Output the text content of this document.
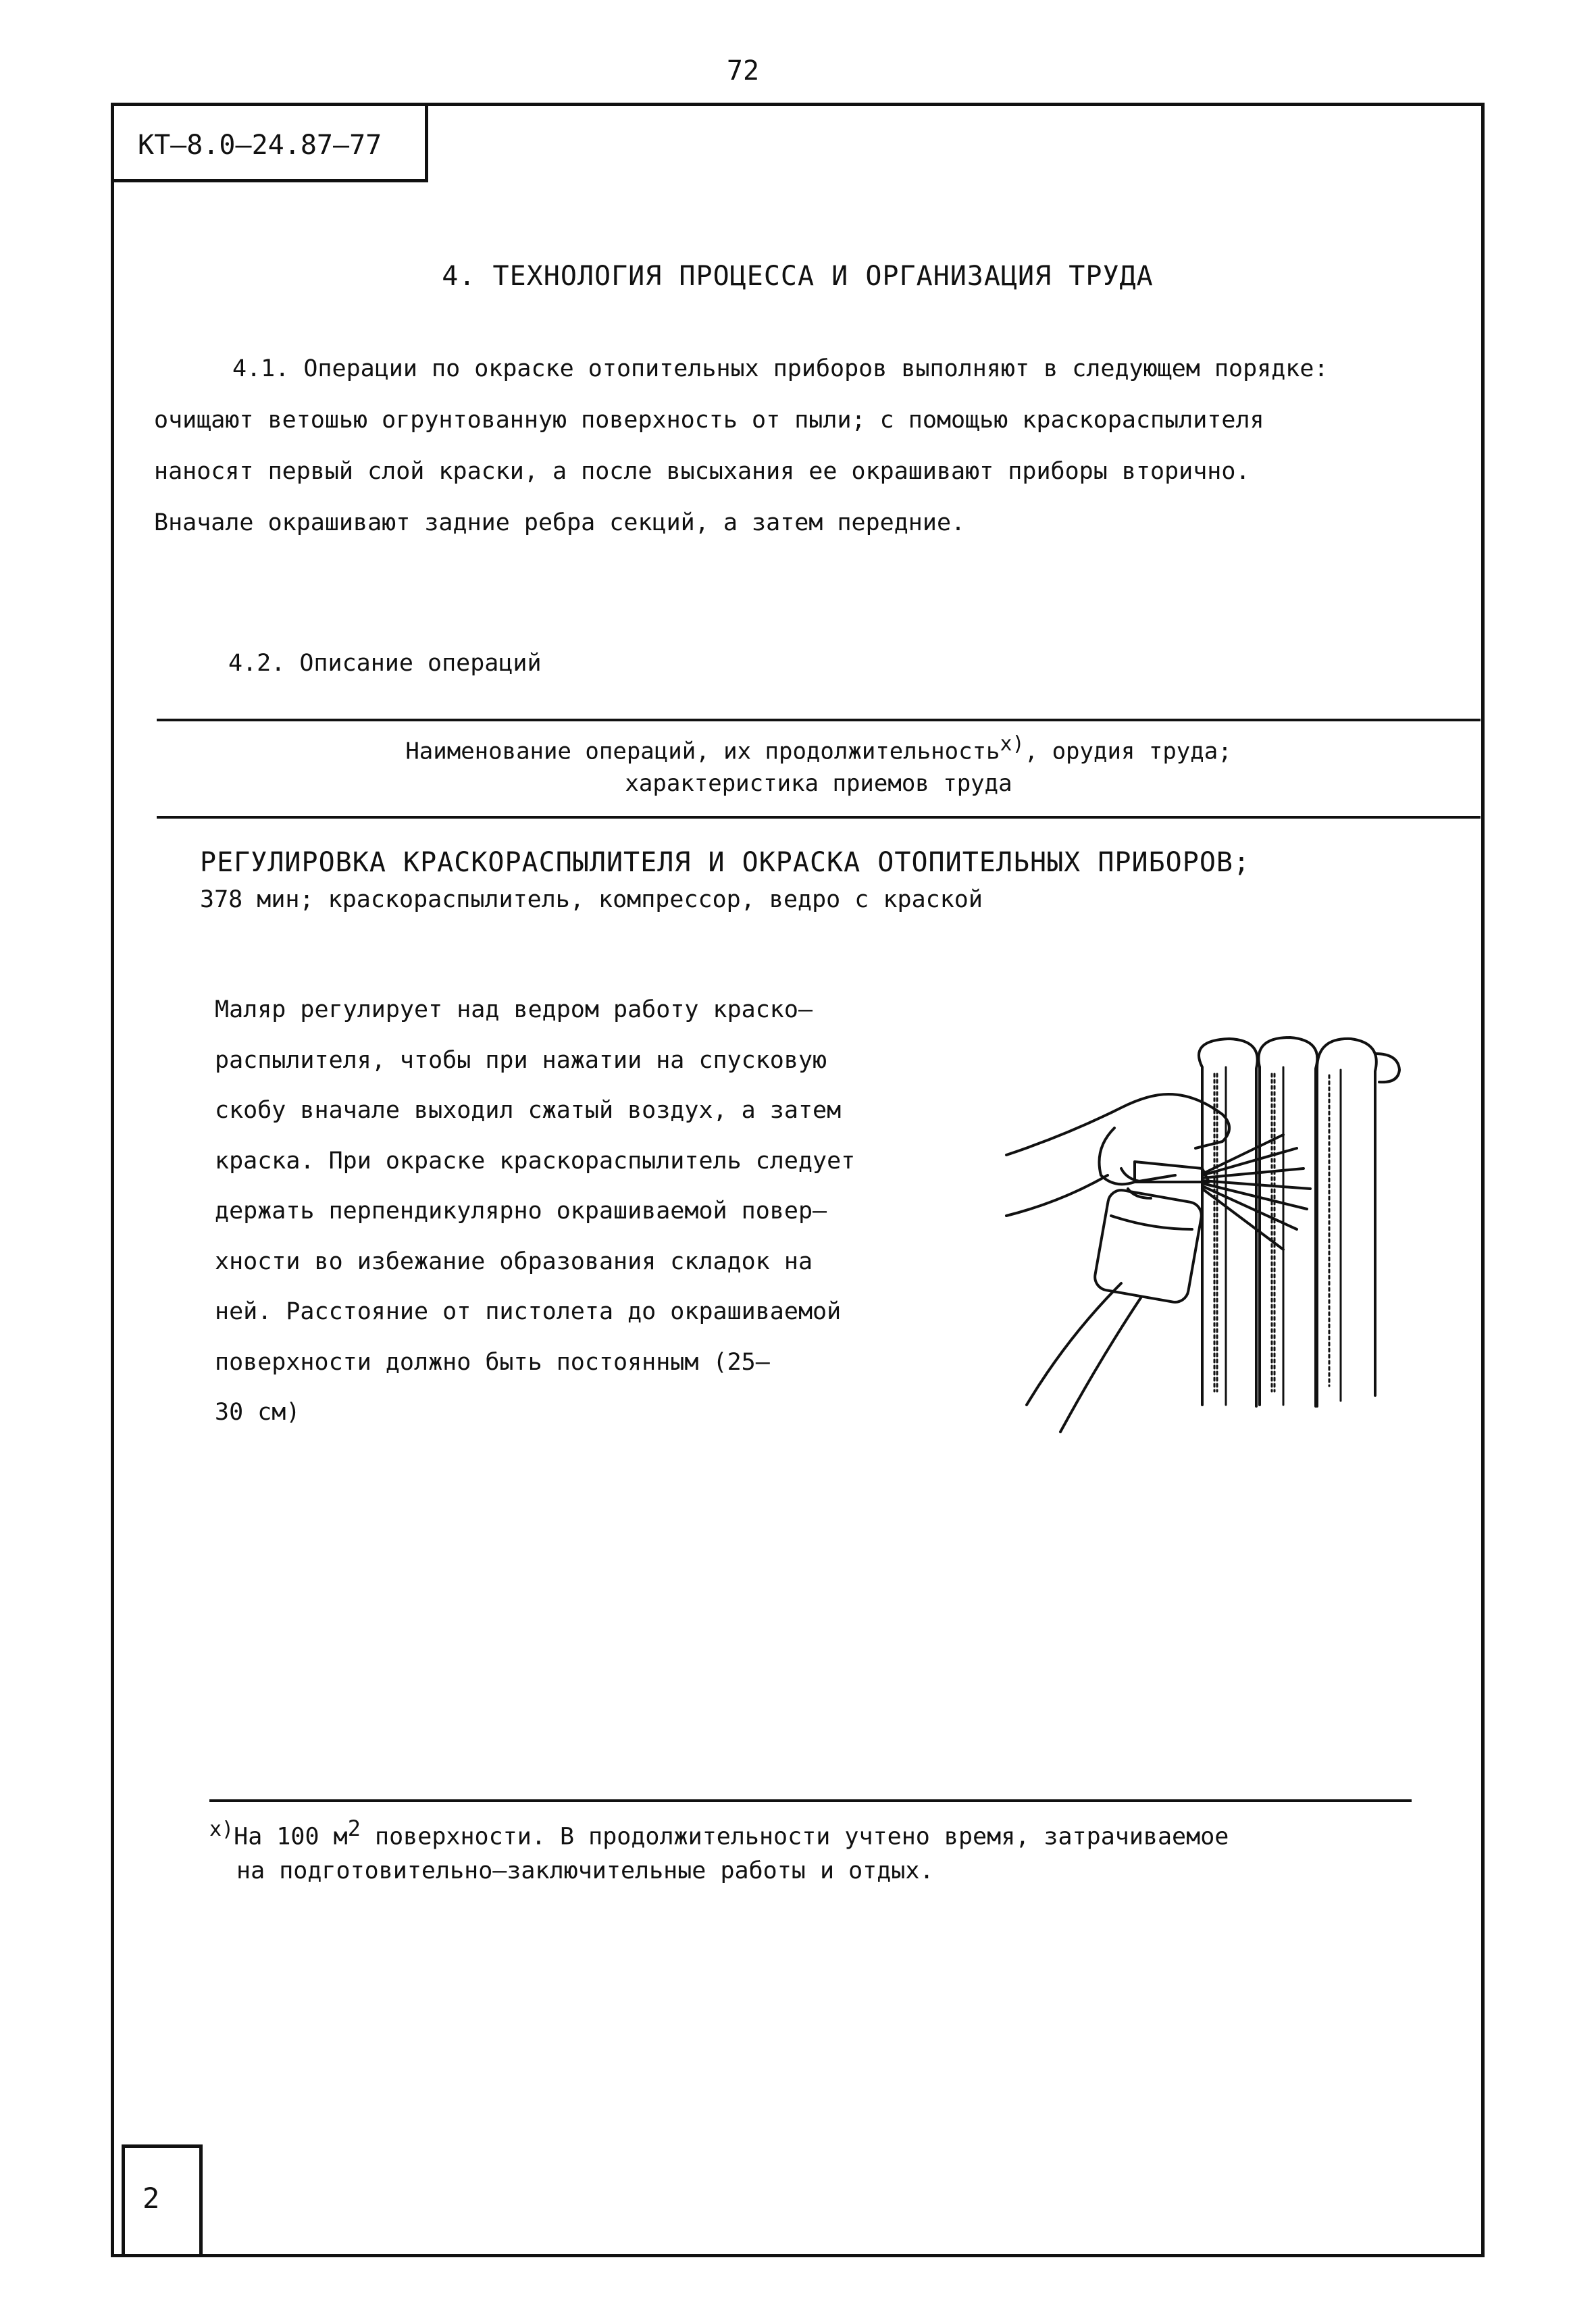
72
КТ–8.0–24.87–77
4. ТЕХНОЛОГИЯ ПРОЦЕССА И ОРГАНИЗАЦИЯ ТРУДА
4.1. Операции по окраске отопительных приборов выполняют в следующем порядке:
очищают ветошью огрунтованную поверхность от пыли; с помощью краскораспылителя
наносят первый слой краски, а после высыхания ее окрашивают приборы вторично.
Вначале окрашивают задние ребра секций, а затем передние.
4.2. Описание операций
Наименование операций, их продолжительность$^{х)}$, орудия труда;
характеристика приемов труда
РЕГУЛИРОВКА КРАСКОРАСПЫЛИТЕЛЯ И ОКРАСКА ОТОПИТЕЛЬНЫХ ПРИБОРОВ;
378 мин; краскораспылитель, компрессор, ведро с краской
Маляр регулирует над ведром работу краско–
распылителя, чтобы при нажатии на спусковую
скобу вначале выходил сжатый воздух, а затем
краска. При окраске краскораспылитель следует
держать перпендикулярно окрашиваемой повер–
хности во избежание образования складок на
ней. Расстояние от пистолета до окрашиваемой
поверхности должно быть постоянным (25–
30 см)
х)На 100 $м^2$ поверхности. В продолжительности учтено время, затрачиваемое
на подготовительно–заключительные работы и отдых.
2
